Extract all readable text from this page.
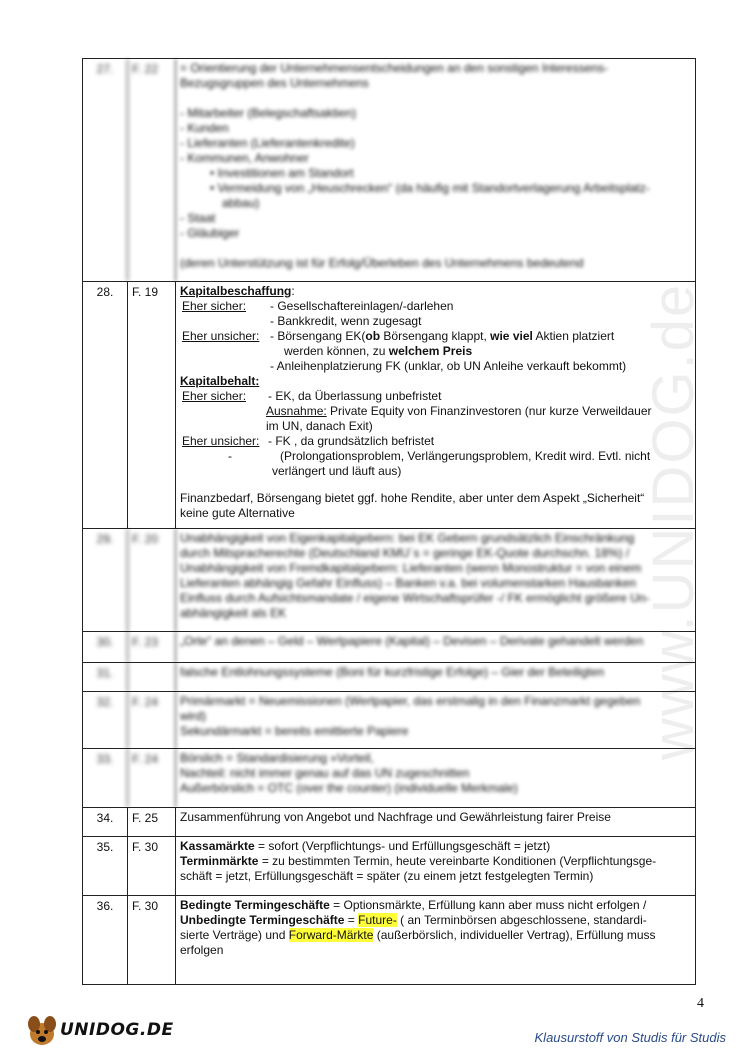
www.UNIDOG.de
27.	F. 22	= Orientierung der Unternehmensentscheidungen an den sonstigen Interessens-
Bezugsgruppen des Unternehmens
- Mitarbeiter (Belegschaftsaktien)
- Kunden
- Lieferanten (Lieferantenkredite)
- Kommunen, Anwohner
• Investitionen am Standort
• Vermeidung von „Heuschrecken“ (da häufig mit Standortverlagerung Arbeitsplatz-
abbau)
- Staat
- Gläubiger
(deren Unterstützung ist für Erfolg/Überleben des Unternehmens bedeutend
28.	F. 19	Kapitalbeschaffung:
Eher sicher:	- Gesellschaftereinlagen/-darlehen
- Bankkredit, wenn zugesagt
Eher unsicher: - Börsengang EK(ob Börsengang klappt, wie viel Aktien platziert
werden können, zu welchem Preis
- Anleihenplatzierung FK (unklar, ob UN Anleihe verkauft bekommt)
Kapitalbehalt:
Eher sicher:	- EK, da Überlassung unbefristet
Ausnahme: Private Equity von Finanzinvestoren (nur kurze Verweildauer
im UN, danach Exit)
Eher unsicher: - FK , da grundsätzlich befristet
-	(Prolongationsproblem, Verlängerungsproblem, Kredit wird. Evtl. nicht
verlängert und läuft aus)
Finanzbedarf, Börsengang bietet ggf. hohe Rendite, aber unter dem Aspekt „Sicherheit“
keine gute Alternative
29.	F. 20	Unabhängigkeit von Eigenkapitalgebern: bei EK Gebern grundsätzlich Einschränkung
durch Mitspracherechte (Deutschland KMU´s = geringe EK-Quote durchschn. 18%) /
Unabhängigkeit von Fremdkapitalgebern: Lieferanten (wenn Monostruktur = von einem
Lieferanten abhängig Gefahr Einfluss) – Banken v.a. bei volumenstarken Hausbanken
Einfluss durch Aufsichtsmandate / eigene Wirtschaftsprüfer -/ FK ermöglicht größere Un-
abhängigkeit als EK
30.	F. 23	„Orte“ an denen – Geld – Wertpapiere (Kapital) – Devisen – Derivate gehandelt werden
31.	falsche Entlohnungssysteme (Boni für kurzfristige Erfolge) – Gier der Beteiligten
32.	F. 24	Primärmarkt = Neuemissionen (Wertpapier, das erstmalig in den Finanzmarkt gegeben
wird)
Sekundärmarkt = bereits emittierte Papiere
33.	F. 24	Börslich = Standardisierung »Vorteil,
Nachteil: nicht immer genau auf das UN zugeschnitten
Außerbörslich = OTC (over the counter) (individuelle Merkmale)
34.	F. 25	Zusammenführung von Angebot und Nachfrage und Gewährleistung fairer Preise
35.	F. 30	Kassamärkte = sofort (Verpflichtungs- und Erfüllungsgeschäft = jetzt)
Terminmärkte = zu bestimmten Termin, heute vereinbarte Konditionen (Verpflichtungsge-
schäft = jetzt, Erfüllungsgeschäft = später (zu einem jetzt festgelegten Termin)
36.	F. 30	Bedingte Termingeschäfte = Optionsmärkte, Erfüllung kann aber muss nicht erfolgen /
Unbedingte Termingeschäfte = Future- ( an Terminbörsen abgeschlossene, standardi-
sierte Verträge) und Forward-Märkte (außerbörslich, individueller Vertrag), Erfüllung muss
erfolgen
4
UNIDOG.DE	Klausurstoff von Studis für Studis
